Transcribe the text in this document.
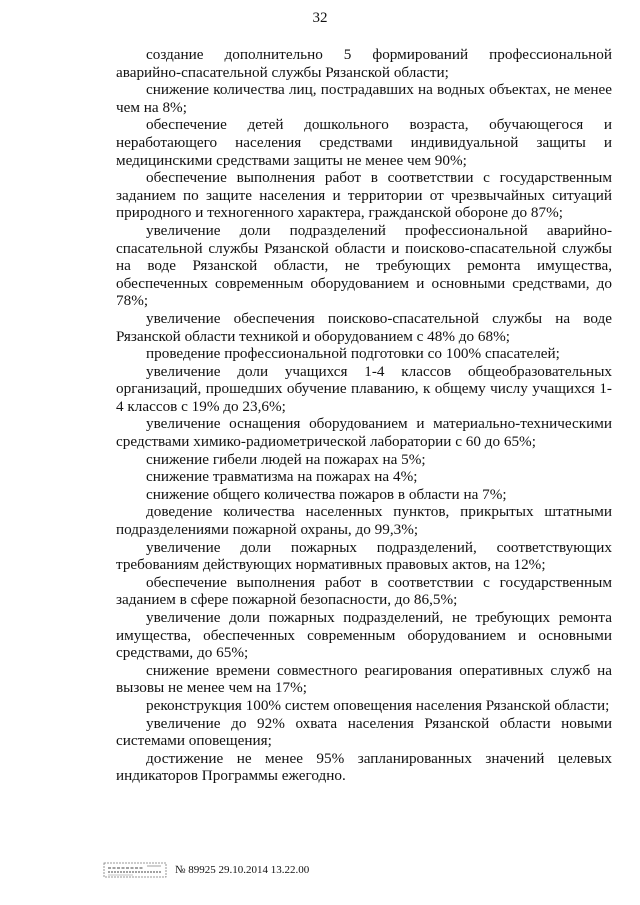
32

создание дополнительно 5 формирований профессиональной аварийно-спасательной службы Рязанской области;

снижение количества лиц, пострадавших на водных объектах, не менее чем на 8%;

обеспечение детей дошкольного возраста, обучающегося и неработающего населения средствами индивидуальной защиты и медицинскими средствами защиты не менее чем 90%;

обеспечение выполнения работ в соответствии с государственным заданием по защите населения и территории от чрезвычайных ситуаций природного и техногенного характера, гражданской обороне до 87%;

увеличение доли подразделений профессиональной аварийно-спасательной службы Рязанской области и поисково-спасательной службы на воде Рязанской области, не требующих ремонта имущества, обеспеченных современным оборудованием и основными средствами, до 78%;

увеличение обеспечения поисково-спасательной службы на воде Рязанской области техникой и оборудованием с 48% до 68%;

проведение профессиональной подготовки со 100% спасателей;

увеличение доли учащихся 1-4 классов общеобразовательных организаций, прошедших обучение плаванию, к общему числу учащихся 1-4 классов с 19% до 23,6%;

увеличение оснащения оборудованием и материально-техническими средствами химико-радиометрической лаборатории с 60 до 65%;

снижение гибели людей на пожарах на 5%;

снижение травматизма на пожарах на 4%;

снижение общего количества пожаров в области на 7%;

доведение количества населенных пунктов, прикрытых штатными подразделениями пожарной охраны, до 99,3%;

увеличение доли пожарных подразделений, соответствующих требованиям действующих нормативных правовых актов, на 12%;

обеспечение выполнения работ в соответствии с государственным заданием в сфере пожарной безопасности, до 86,5%;

увеличение доли пожарных подразделений, не требующих ремонта имущества, обеспеченных современным оборудованием и основными средствами, до 65%;

снижение времени совместного реагирования оперативных служб на вызовы не менее чем на 17%;

реконструкция 100% систем оповещения населения Рязанской области;

увеличение до 92% охвата населения Рязанской области новыми системами оповещения;

достижение не менее 95% запланированных значений целевых индикаторов Программы ежегодно.

№ 89925 29.10.2014 13.22.00
